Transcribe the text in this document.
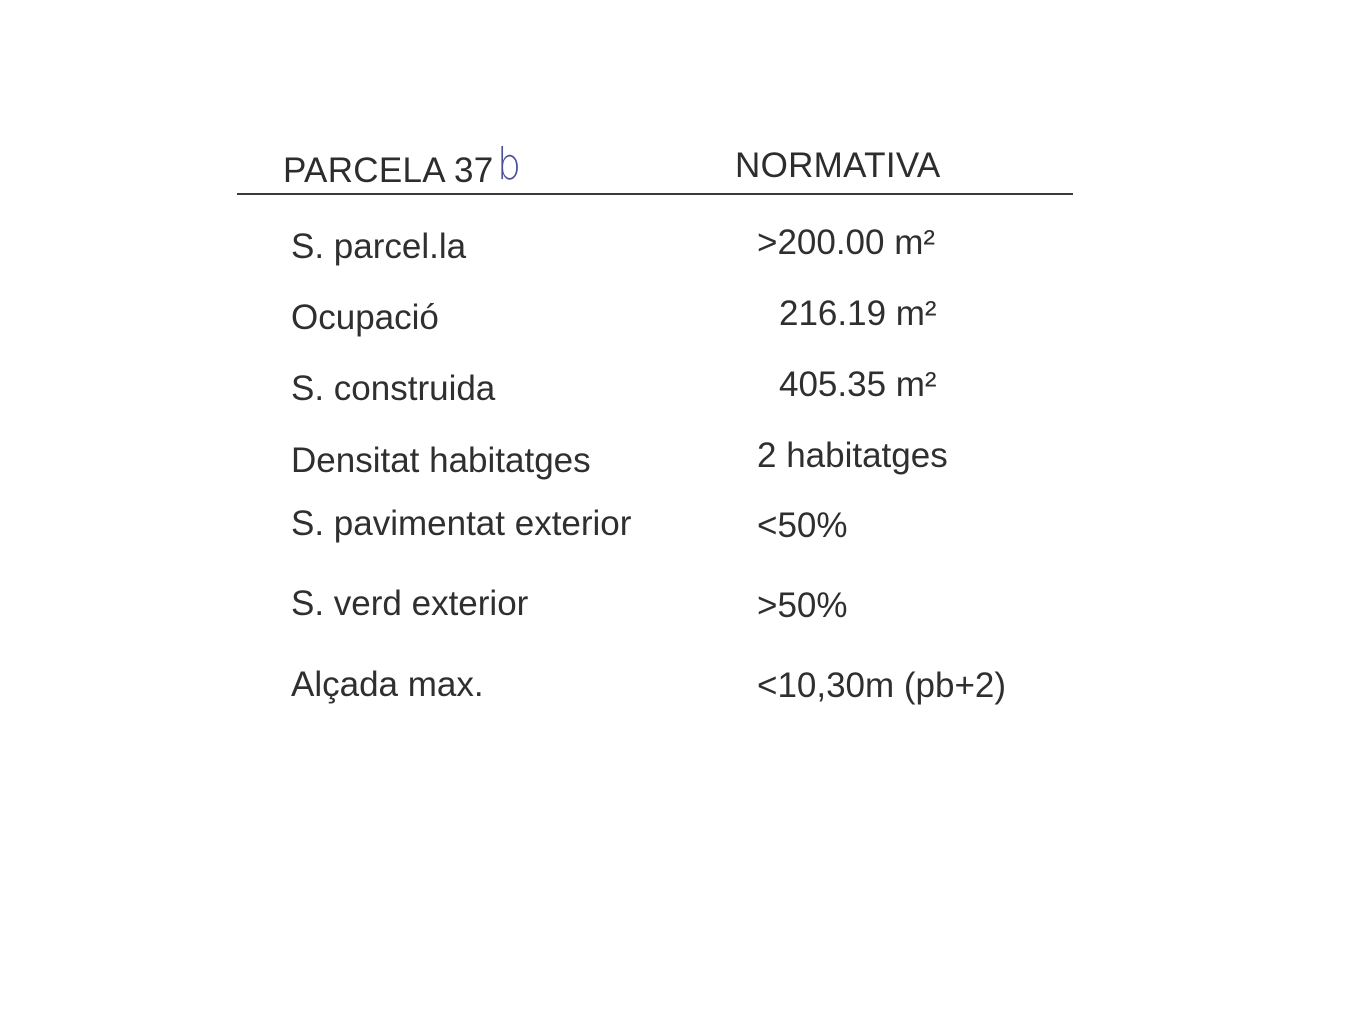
PARCELA 37b	NORMATIVA
S. parcel.la	>200.00 m²
Ocupació	216.19 m²
S. construida	405.35 m²
Densitat habitatges	2 habitatges
S. pavimentat exterior	<50%
S. verd exterior	>50%
Alçada max.	<10,30m (pb+2)
